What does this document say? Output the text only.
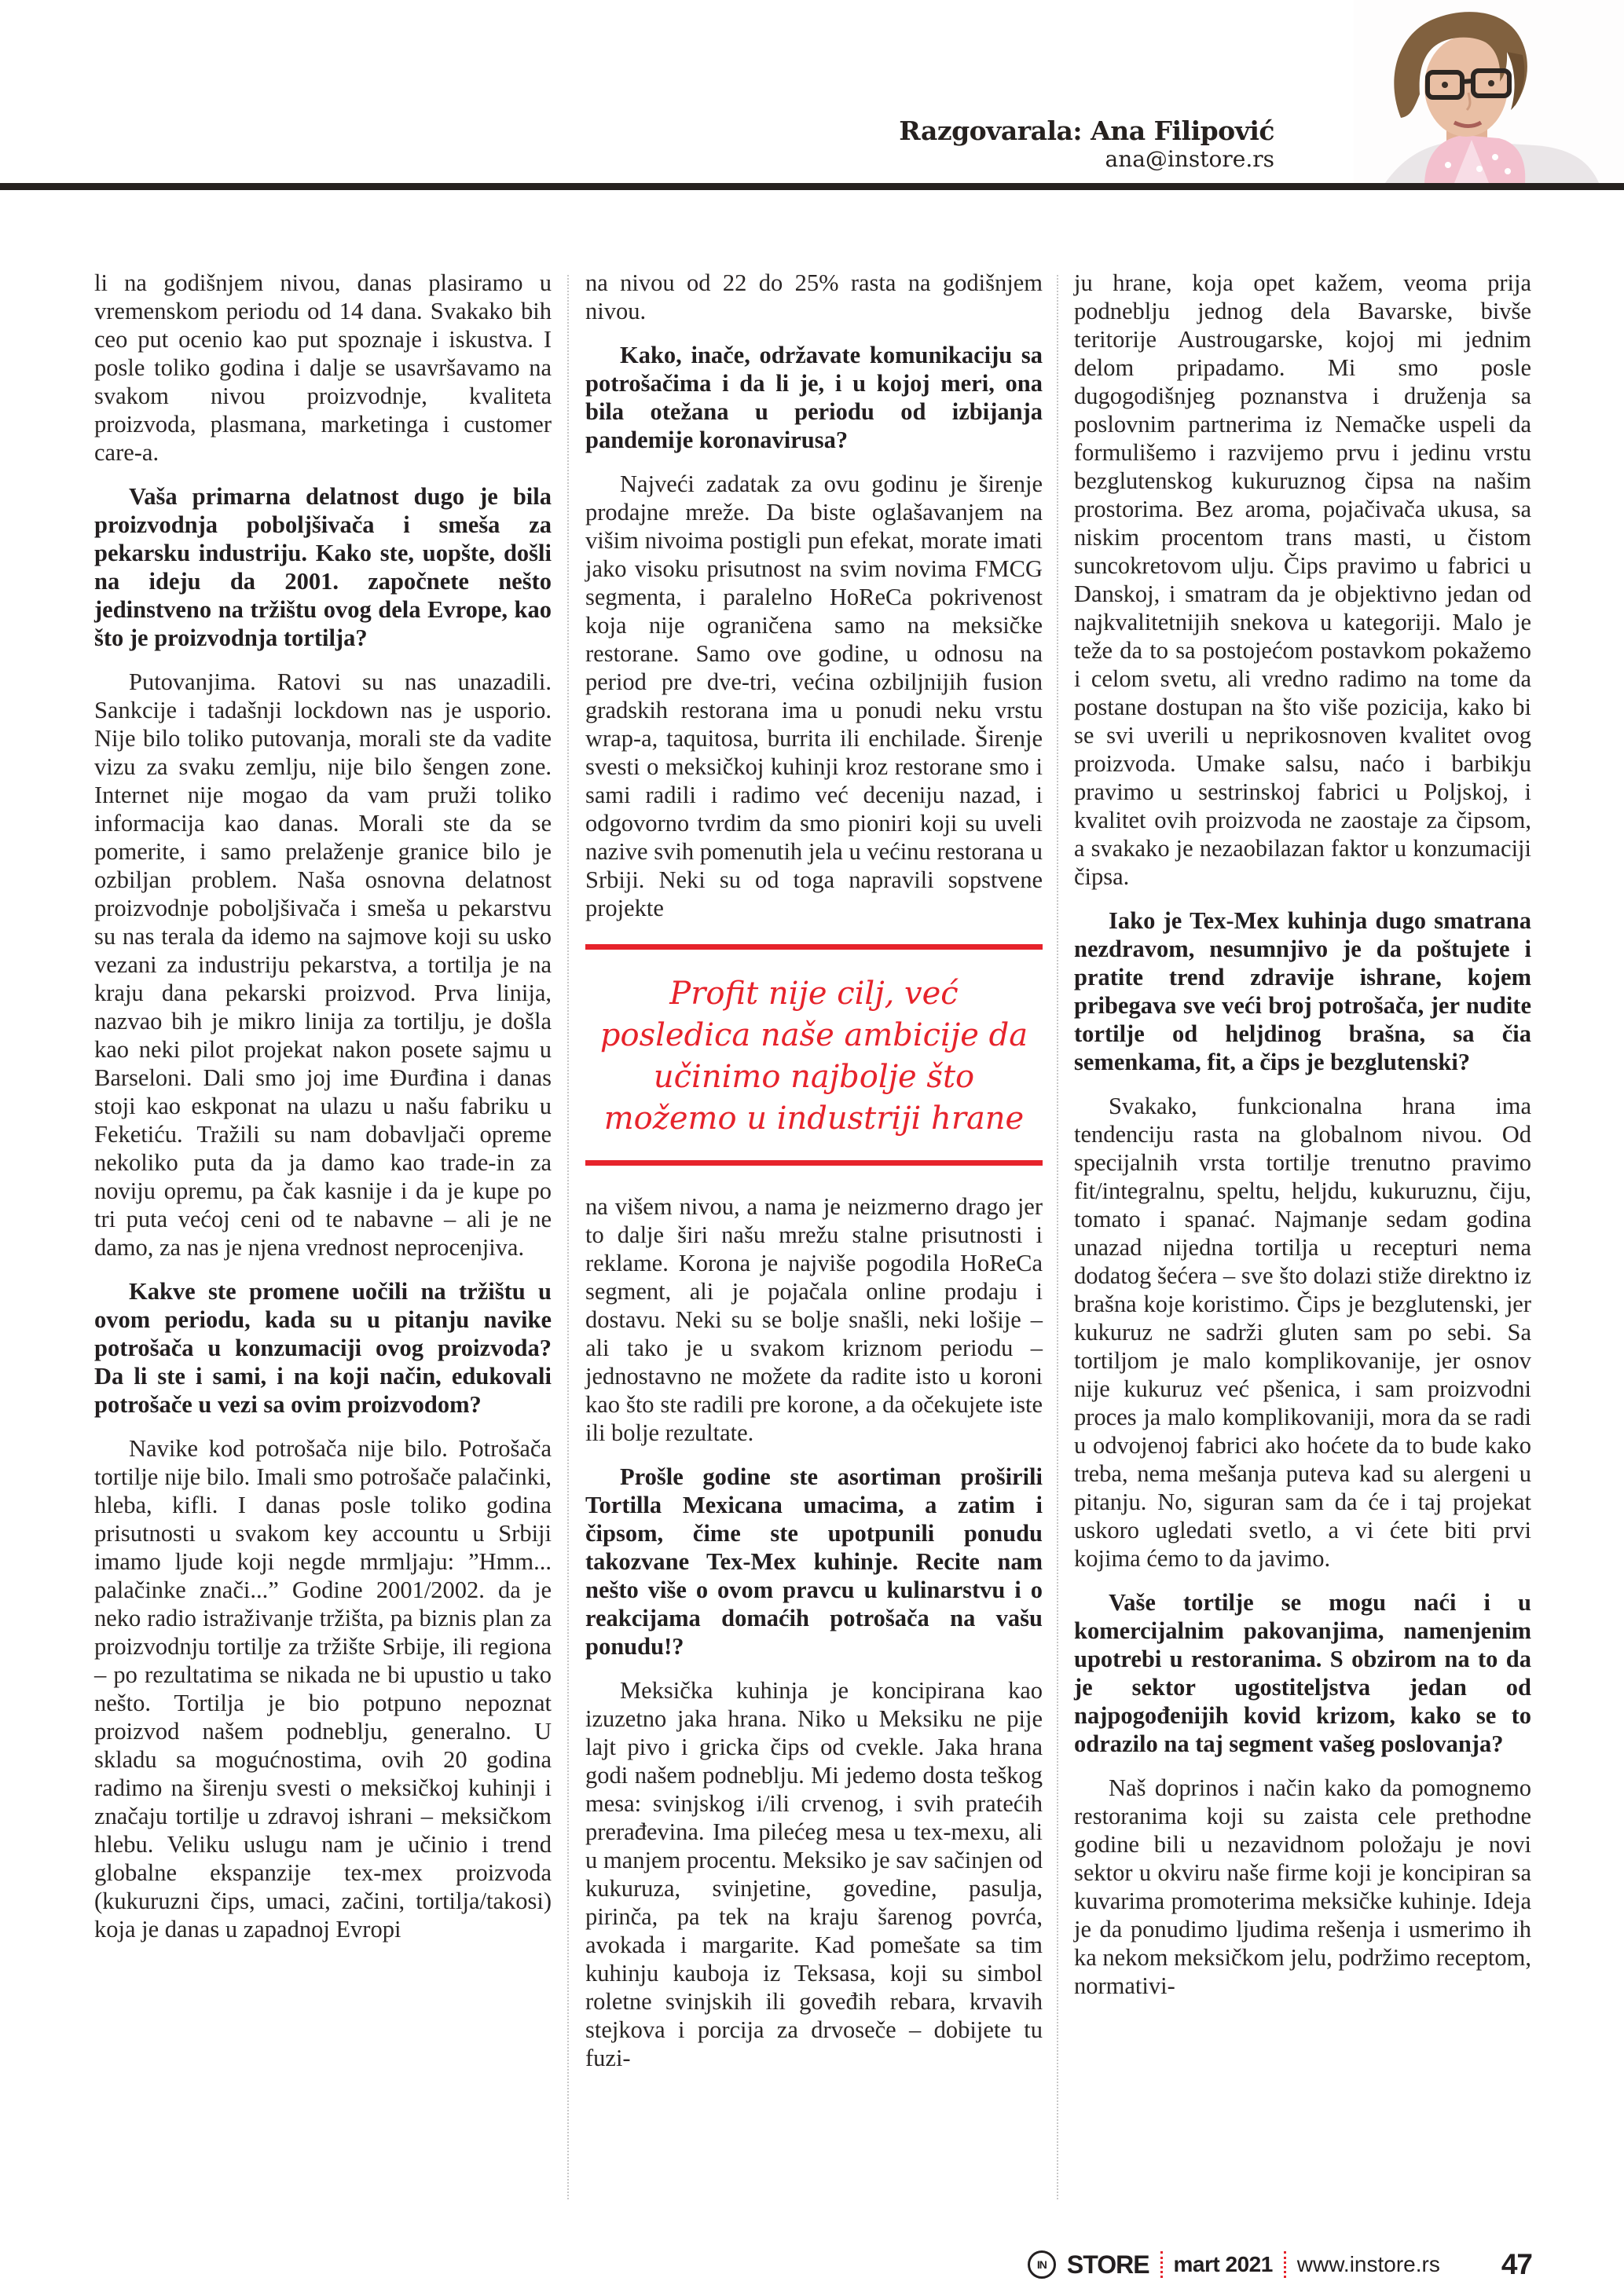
Razgovarala: Ana Filipović
ana@instore.rs

li na godišnjem nivou, danas plasiramo u vremenskom periodu od 14 dana. Svakako bih ceo put ocenio kao put spoznaje i iskustva. I posle toliko godina i dalje se usavršavamo na svakom nivou proizvodnje, kvaliteta proizvoda, plasmana, marketinga i customer care-a.

Vaša primarna delatnost dugo je bila proizvodnja poboljšivača i smeša za pekarsku industriju. Kako ste, uopšte, došli na ideju da 2001. započnete nešto jedinstveno na tržištu ovog dela Evrope, kao što je proizvodnja tortilja?

Putovanjima. Ratovi su nas unazadili. Sankcije i tadašnji lockdown nas je usporio. Nije bilo toliko putovanja, morali ste da vadite vizu za svaku zemlju, nije bilo šengen zone. Internet nije mogao da vam pruži toliko informacija kao danas. Morali ste da se pomerite, i samo prelaženje granice bilo je ozbiljan problem. Naša osnovna delatnost proizvodnje poboljšivača i smeša u pekarstvu su nas terala da idemo na sajmove koji su usko vezani za industriju pekarstva, a tortilja je na kraju dana pekarski proizvod. Prva linija, nazvao bih je mikro linija za tortilju, je došla kao neki pilot projekat nakon posete sajmu u Barseloni. Dali smo joj ime Đurđina i danas stoji kao eskponat na ulazu u našu fabriku u Feketiću. Tražili su nam dobavljači opreme nekoliko puta da ja damo kao trade-in za noviju opremu, pa čak kasnije i da je kupe po tri puta većoj ceni od te nabavne – ali je ne damo, za nas je njena vrednost neprocenjiva.

Kakve ste promene uočili na tržištu u ovom periodu, kada su u pitanju navike potrošača u konzumaciji ovog proizvoda? Da li ste i sami, i na koji način, edukovali potrošače u vezi sa ovim proizvodom?

Navike kod potrošača nije bilo. Potrošača tortilje nije bilo. Imali smo potrošače palačinki, hleba, kifli. I danas posle toliko godina prisutnosti u svakom key accountu u Srbiji imamo ljude koji negde mrmljaju: ”Hmm... palačinke znači...” Godine 2001/2002. da je neko radio istraživanje tržišta, pa biznis plan za proizvodnju tortilje za tržište Srbije, ili regiona – po rezultatima se nikada ne bi upustio u tako nešto. Tortilja je bio potpuno nepoznat proizvod našem podneblju, generalno. U skladu sa mogućnostima, ovih 20 godina radimo na širenju svesti o meksičkoj kuhinji i značaju tortilje u zdravoj ishrani – meksičkom hlebu. Veliku uslugu nam je učinio i trend globalne ekspanzije tex-mex proizvoda (kukuruzni čips, umaci, začini, tortilja/takosi) koja je danas u zapadnoj Evropi

na nivou od 22 do 25% rasta na godišnjem nivou.

Kako, inače, održavate komunikaciju sa potrošačima i da li je, i u kojoj meri, ona bila otežana u periodu od izbijanja pandemije koronavirusa?

Najveći zadatak za ovu godinu je širenje prodajne mreže. Da biste oglašavanjem na višim nivoima postigli pun efekat, morate imati jako visoku prisutnost na svim novima FMCG segmenta, i paralelno HoReCa pokrivenost koja nije ograničena samo na meksičke restorane. Samo ove godine, u odnosu na period pre dve-tri, većina ozbiljnijih fusion gradskih restorana ima u ponudi neku vrstu wrap-a, taquitosa, burrita ili enchilade. Širenje svesti o meksičkoj kuhinji kroz restorane smo i sami radili i radimo već deceniju nazad, i odgovorno tvrdim da smo pioniri koji su uveli nazive svih pomenutih jela u većinu restorana u Srbiji. Neki su od toga napravili sopstvene projekte

Profit nije cilj, već posledica naše ambicije da učinimo najbolje što možemo u industriji hrane

na višem nivou, a nama je neizmerno drago jer to dalje širi našu mrežu stalne prisutnosti i reklame. Korona je najviše pogodila HoReCa segment, ali je pojačala online prodaju i dostavu. Neki su se bolje snašli, neki lošije – ali tako je u svakom kriznom periodu – jednostavno ne možete da radite isto u koroni kao što ste radili pre korone, a da očekujete iste ili bolje rezultate.

Prošle godine ste asortiman proširili Tortilla Mexicana umacima, a zatim i čipsom, čime ste upotpunili ponudu takozvane Tex-Mex kuhinje. Recite nam nešto više o ovom pravcu u kulinarstvu i o reakcijama domaćih potrošača na vašu ponudu!?

Meksička kuhinja je koncipirana kao izuzetno jaka hrana. Niko u Meksiku ne pije lajt pivo i gricka čips od cvekle. Jaka hrana godi našem podneblju. Mi jedemo dosta teškog mesa: svinjskog i/ili crvenog, i svih pratećih prerađevina. Ima pilećeg mesa u tex-mexu, ali u manjem procentu. Meksiko je sav sačinjen od kukuruza, svinjetine, govedine, pasulja, pirinča, pa tek na kraju šarenog povrća, avokada i margarite. Kad pomešate sa tim kuhinju kauboja iz Teksasa, koji su simbol roletne svinjskih ili goveđih rebara, krvavih stejkova i porcija za drvoseče – dobijete tu fuzi-

ju hrane, koja opet kažem, veoma prija podneblju jednog dela Bavarske, bivše teritorije Austrougarske, kojoj mi jednim delom pripadamo. Mi smo posle dugogodišnjeg poznanstva i druženja sa poslovnim partnerima iz Nemačke uspeli da formulišemo i razvijemo prvu i jedinu vrstu bezglutenskog kukuruznog čipsa na našim prostorima. Bez aroma, pojačivača ukusa, sa niskim procentom trans masti, u čistom suncokretovom ulju. Čips pravimo u fabrici u Danskoj, i smatram da je objektivno jedan od najkvalitetnijih snekova u kategoriji. Malo je teže da to sa postojećom postavkom pokažemo i celom svetu, ali vredno radimo na tome da postane dostupan na što više pozicija, kako bi se svi uverili u neprikosnoven kvalitet ovog proizvoda. Umake salsu, naćo i barbikju pravimo u sestrinskoj fabrici u Poljskoj, i kvalitet ovih proizvoda ne zaostaje za čipsom, a svakako je nezaobilazan faktor u konzumaciji čipsa.

Iako je Tex-Mex kuhinja dugo smatrana nezdravom, nesumnjivo je da poštujete i pratite trend zdravije ishrane, kojem pribegava sve veći broj potrošača, jer nudite tortilje od heljdinog brašna, sa čia semenkama, fit, a čips je bezglutenski?

Svakako, funkcionalna hrana ima tendenciju rasta na globalnom nivou. Od specijalnih vrsta tortilje trenutno pravimo fit/integralnu, speltu, heljdu, kukuruznu, čiju, tomato i spanać. Najmanje sedam godina unazad nijedna tortilja u recepturi nema dodatog šećera – sve što dolazi stiže direktno iz brašna koje koristimo. Čips je bezglutenski, jer kukuruz ne sadrži gluten sam po sebi. Sa tortiljom je malo komplikovanije, jer osnov nije kukuruz već pšenica, i sam proizvodni proces ja malo komplikovaniji, mora da se radi u odvojenoj fabrici ako hoćete da to bude kako treba, nema mešanja puteva kad su alergeni u pitanju. No, siguran sam da će i taj projekat uskoro ugledati svetlo, a vi ćete biti prvi kojima ćemo to da javimo.

Vaše tortilje se mogu naći i u komercijalnim pakovanjima, namenjenim upotrebi u restoranima. S obzirom na to da je sektor ugostiteljstva jedan od najpogođenijih kovid krizom, kako se to odrazilo na taj segment vašeg poslovanja?

Naš doprinos i način kako da pomognemo restoranima koji su zaista cele prethodne godine bili u nezavidnom položaju je novi sektor u okviru naše firme koji je koncipiran sa kuvarima promoterima meksičke kuhinje. Ideja je da ponudimo ljudima rešenja i usmerimo ih ka nekom meksičkom jelu, podržimo receptom, normativi-

IN STORE mart 2021 www.instore.rs 47
